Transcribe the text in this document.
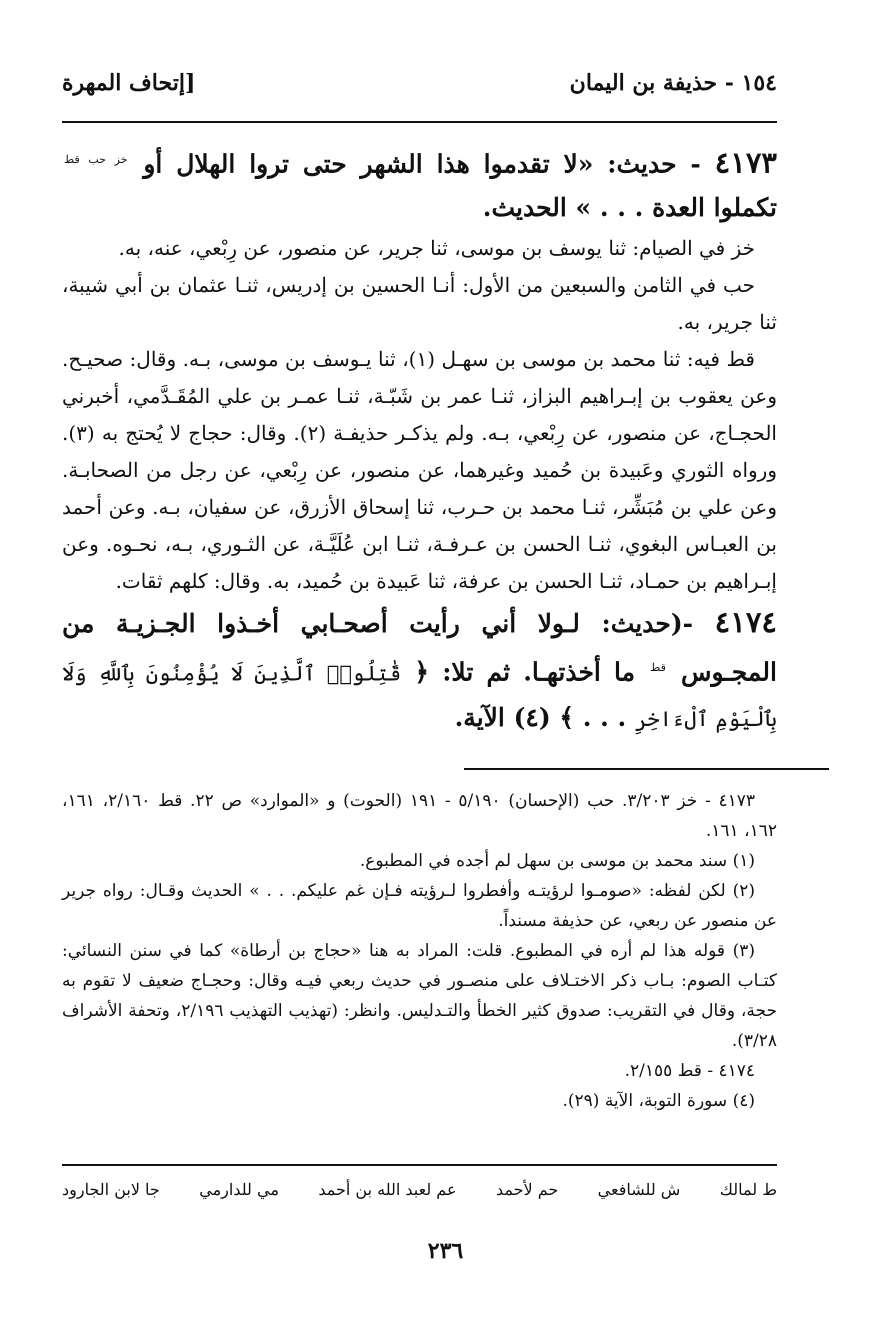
١٥٤ - حذيفة بن اليمان
[إتحاف المهرة

٤١٧٣ - حديث: «لا تقدموا هذا الشهر حتى تروا الهلال أو $^{خز حب قط}$ تكملوا العدة . . . » الحديث.

خز في الصيام: ثنا يوسف بن موسى، ثنا جرير، عن منصور، عن رِبْعي، عنه، به.

حب في الثامن والسبعين من الأول: أنـا الحسين بن إدريس، ثنـا عثمان بن أبي شيبة، ثنا جرير، به.

قط فيه: ثنا محمد بن موسى بن سهـل (١)، ثنا يـوسف بن موسى، بـه. وقال: صحيـح. وعن يعقوب بن إبـراهيم البزاز، ثنـا عمر بن شَبّـة، ثنـا عمـر بن علي المُقَـدَّمي، أخبرني الحجـاج، عن منصور، عن رِبْعي، بـه. ولم يذكـر حذيفـة (٢). وقال: حجاج لا يُحتج به (٣). ورواه الثوري وعَبيدة بن حُميد وغيرهما، عن منصور، عن رِبْعي، عن رجل من الصحابـة. وعن علي بن مُبَشِّر، ثنـا محمد بن حـرب، ثنا إسحاق الأزرق، عن سفيان، بـه. وعن أحمد بن العبـاس البغوي، ثنـا الحسن بن عـرفـة، ثنـا ابن عُلَيَّـة، عن الثـوري، بـه، نحـوه. وعن إبـراهيم بن حمـاد، ثنـا الحسن بن عرفة، ثنا عَبيدة بن حُميد، به. وقال: كلهم ثقات.

٤١٧٤ -(حديث: لـولا أني رأيت أصحـابي أخـذوا الجـزيـة من المجـوس $^{قط}$ ما أخذتهـا. ثم تلا: ﴿ قَٰتِلُوا۟ ٱلَّذِينَ لَا يُؤْمِنُونَ بِٱللَّهِ وَلَا بِٱلْيَوْمِ ٱلْءَاخِرِ . . . ﴾ (٤) الآية.

٤١٧٣ - خز ٣/٢٠٣. حب (الإحسان) ٥/١٩٠ - ١٩١ (الحوت) و «الموارد» ص ٢٢. قط ٢/١٦٠، ١٦١، ١٦٢، ١٦١.

(١) سند محمد بن موسى بن سهل لم أجده في المطبوع.

(٢) لكن لفظه: «صومـوا لرؤيتـه وأفطروا لـرؤيته فـإن غم عليكم. . . » الحديث وقـال: رواه جرير عن منصور عن ربعي، عن حذيفة مسنداً.

(٣) قوله هذا لم أره في المطبوع. قلت: المراد به هنا «حجاج بن أرطاة» كما في سنن النسائي: كتـاب الصوم: بـاب ذكر الاختـلاف على منصـور في حديث ربعي فيـه وقال: وحجـاج ضعيف لا تقوم به حجة، وقال في التقريب: صدوق كثير الخطأ والتـدليس. وانظر: (تهذيب التهذيب ٢/١٩٦، وتحفة الأشراف ٣/٢٨).

٤١٧٤ - قط ٢/١٥٥.

(٤) سورة التوبة، الآية (٢٩).

ط لمالك
ش للشافعي
حم لأحمد
عم لعبد الله بن أحمد
مي للدارمي
جا لابن الجارود
٢٣٦
